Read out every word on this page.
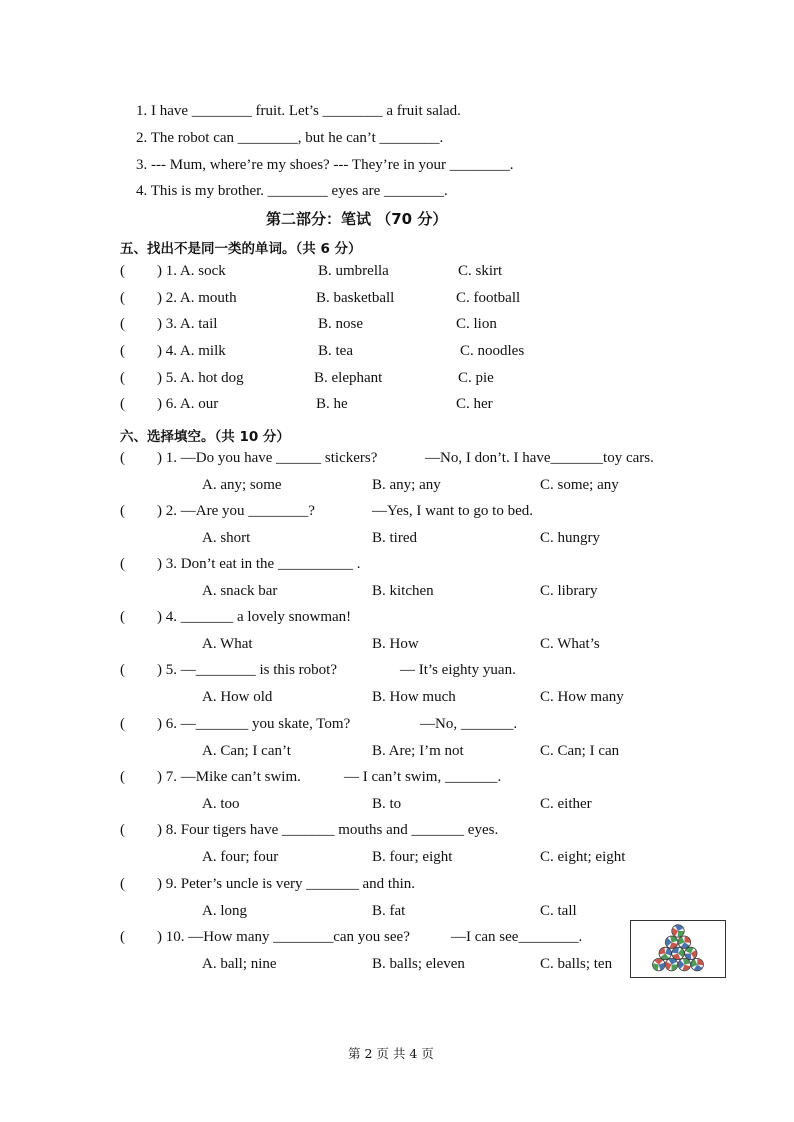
1. I have ________ fruit. Let’s ________ a fruit salad.
2. The robot can ________, but he can’t ________.
3. --- Mum, where’re my shoes? --- They’re in your ________.
4. This is my brother. ________ eyes are ________.
第二部分：笔试 （70 分）
五、找出不是同一类的单词。（共 6 分）
( ) 1. A. sock	B. umbrella	C. skirt
( ) 2. A. mouth	B. basketball	C. football
( ) 3. A. tail	B. nose	C. lion
( ) 4. A. milk	B. tea	C. noodles
( ) 5. A. hot dog	B. elephant	C. pie
( ) 6. A. our	B. he	C. her
六、选择填空。（共 10 分）
( ) 1. —Do you have ______ stickers?	—No, I don’t. I have_______toy cars.
A. any; some	B. any; any	C. some; any
( ) 2. —Are you ________?	—Yes, I want to go to bed.
A. short	B. tired	C. hungry
( ) 3. Don’t eat in the __________ .
A. snack bar	B. kitchen	C. library
( ) 4. _______ a lovely snowman!
A. What	B. How	C. What’s
( ) 5. —________ is this robot?	— It’s eighty yuan.
A. How old	B. How much	C. How many
( ) 6. —_______ you skate, Tom?	—No, _______.
A. Can; I can’t	B. Are; I’m not	C. Can; I can
( ) 7. —Mike can’t swim.	— I can’t swim, _______.
A. too	B. to	C. either
( ) 8. Four tigers have _______ mouths and _______ eyes.
A. four; four	B. four; eight	C. eight; eight
( ) 9. Peter’s uncle is very _______ and thin.
A. long	B. fat	C. tall
( ) 10. —How many ________can you see?	—I can see________.
A. ball; nine	B. balls; eleven	C. balls; ten
第 2 页 共 4 页
